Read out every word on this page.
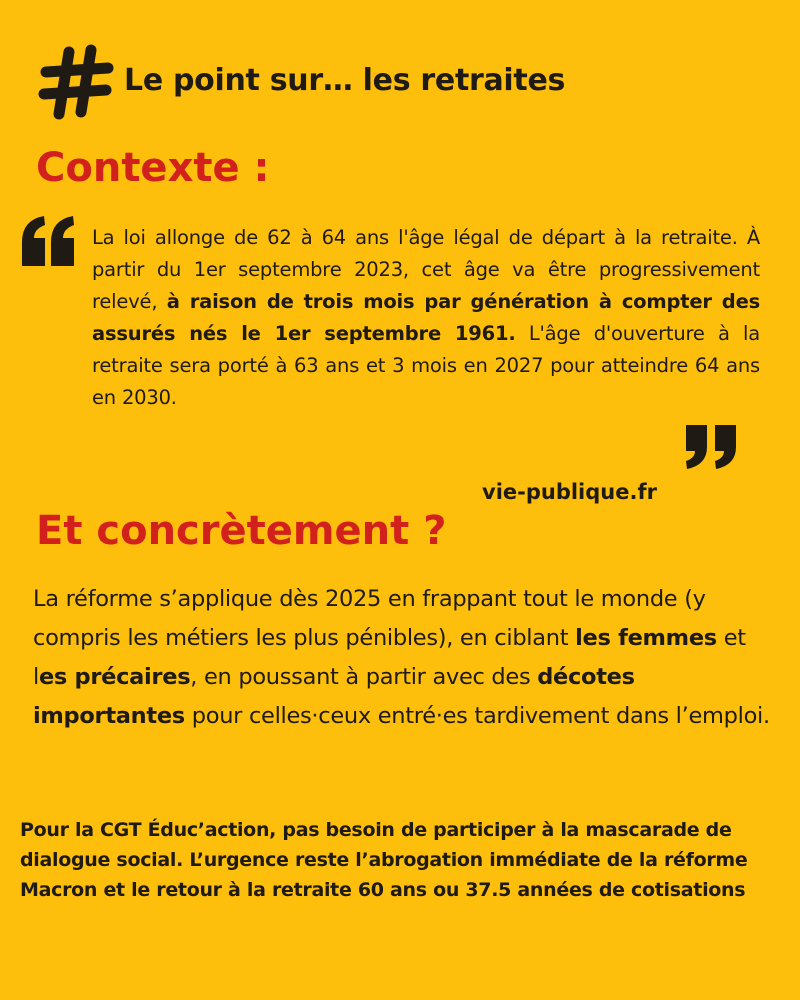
Le point sur… les retraites
Contexte :

La loi allonge de 62 à 64 ans l'âge légal de départ à la retraite. À partir du 1er septembre 2023, cet âge va être progressivement relevé, à raison de trois mois par génération à compter des assurés nés le 1er septembre 1961. L'âge d'ouverture à la retraite sera porté à 63 ans et 3 mois en 2027 pour atteindre 64 ans en 2030.

vie-publique.fr
Et concrètement ?

La réforme s’applique dès 2025 en frappant tout le monde (y compris les métiers les plus pénibles), en ciblant les femmes et les précaires, en poussant à partir avec des décotes importantes pour celles·ceux entré·es tardivement dans l’emploi.

Pour la CGT Éduc’action, pas besoin de participer à la mascarade de dialogue social. L’urgence reste l’abrogation immédiate de la réforme Macron et le retour à la retraite 60 ans ou 37.5 années de cotisations
